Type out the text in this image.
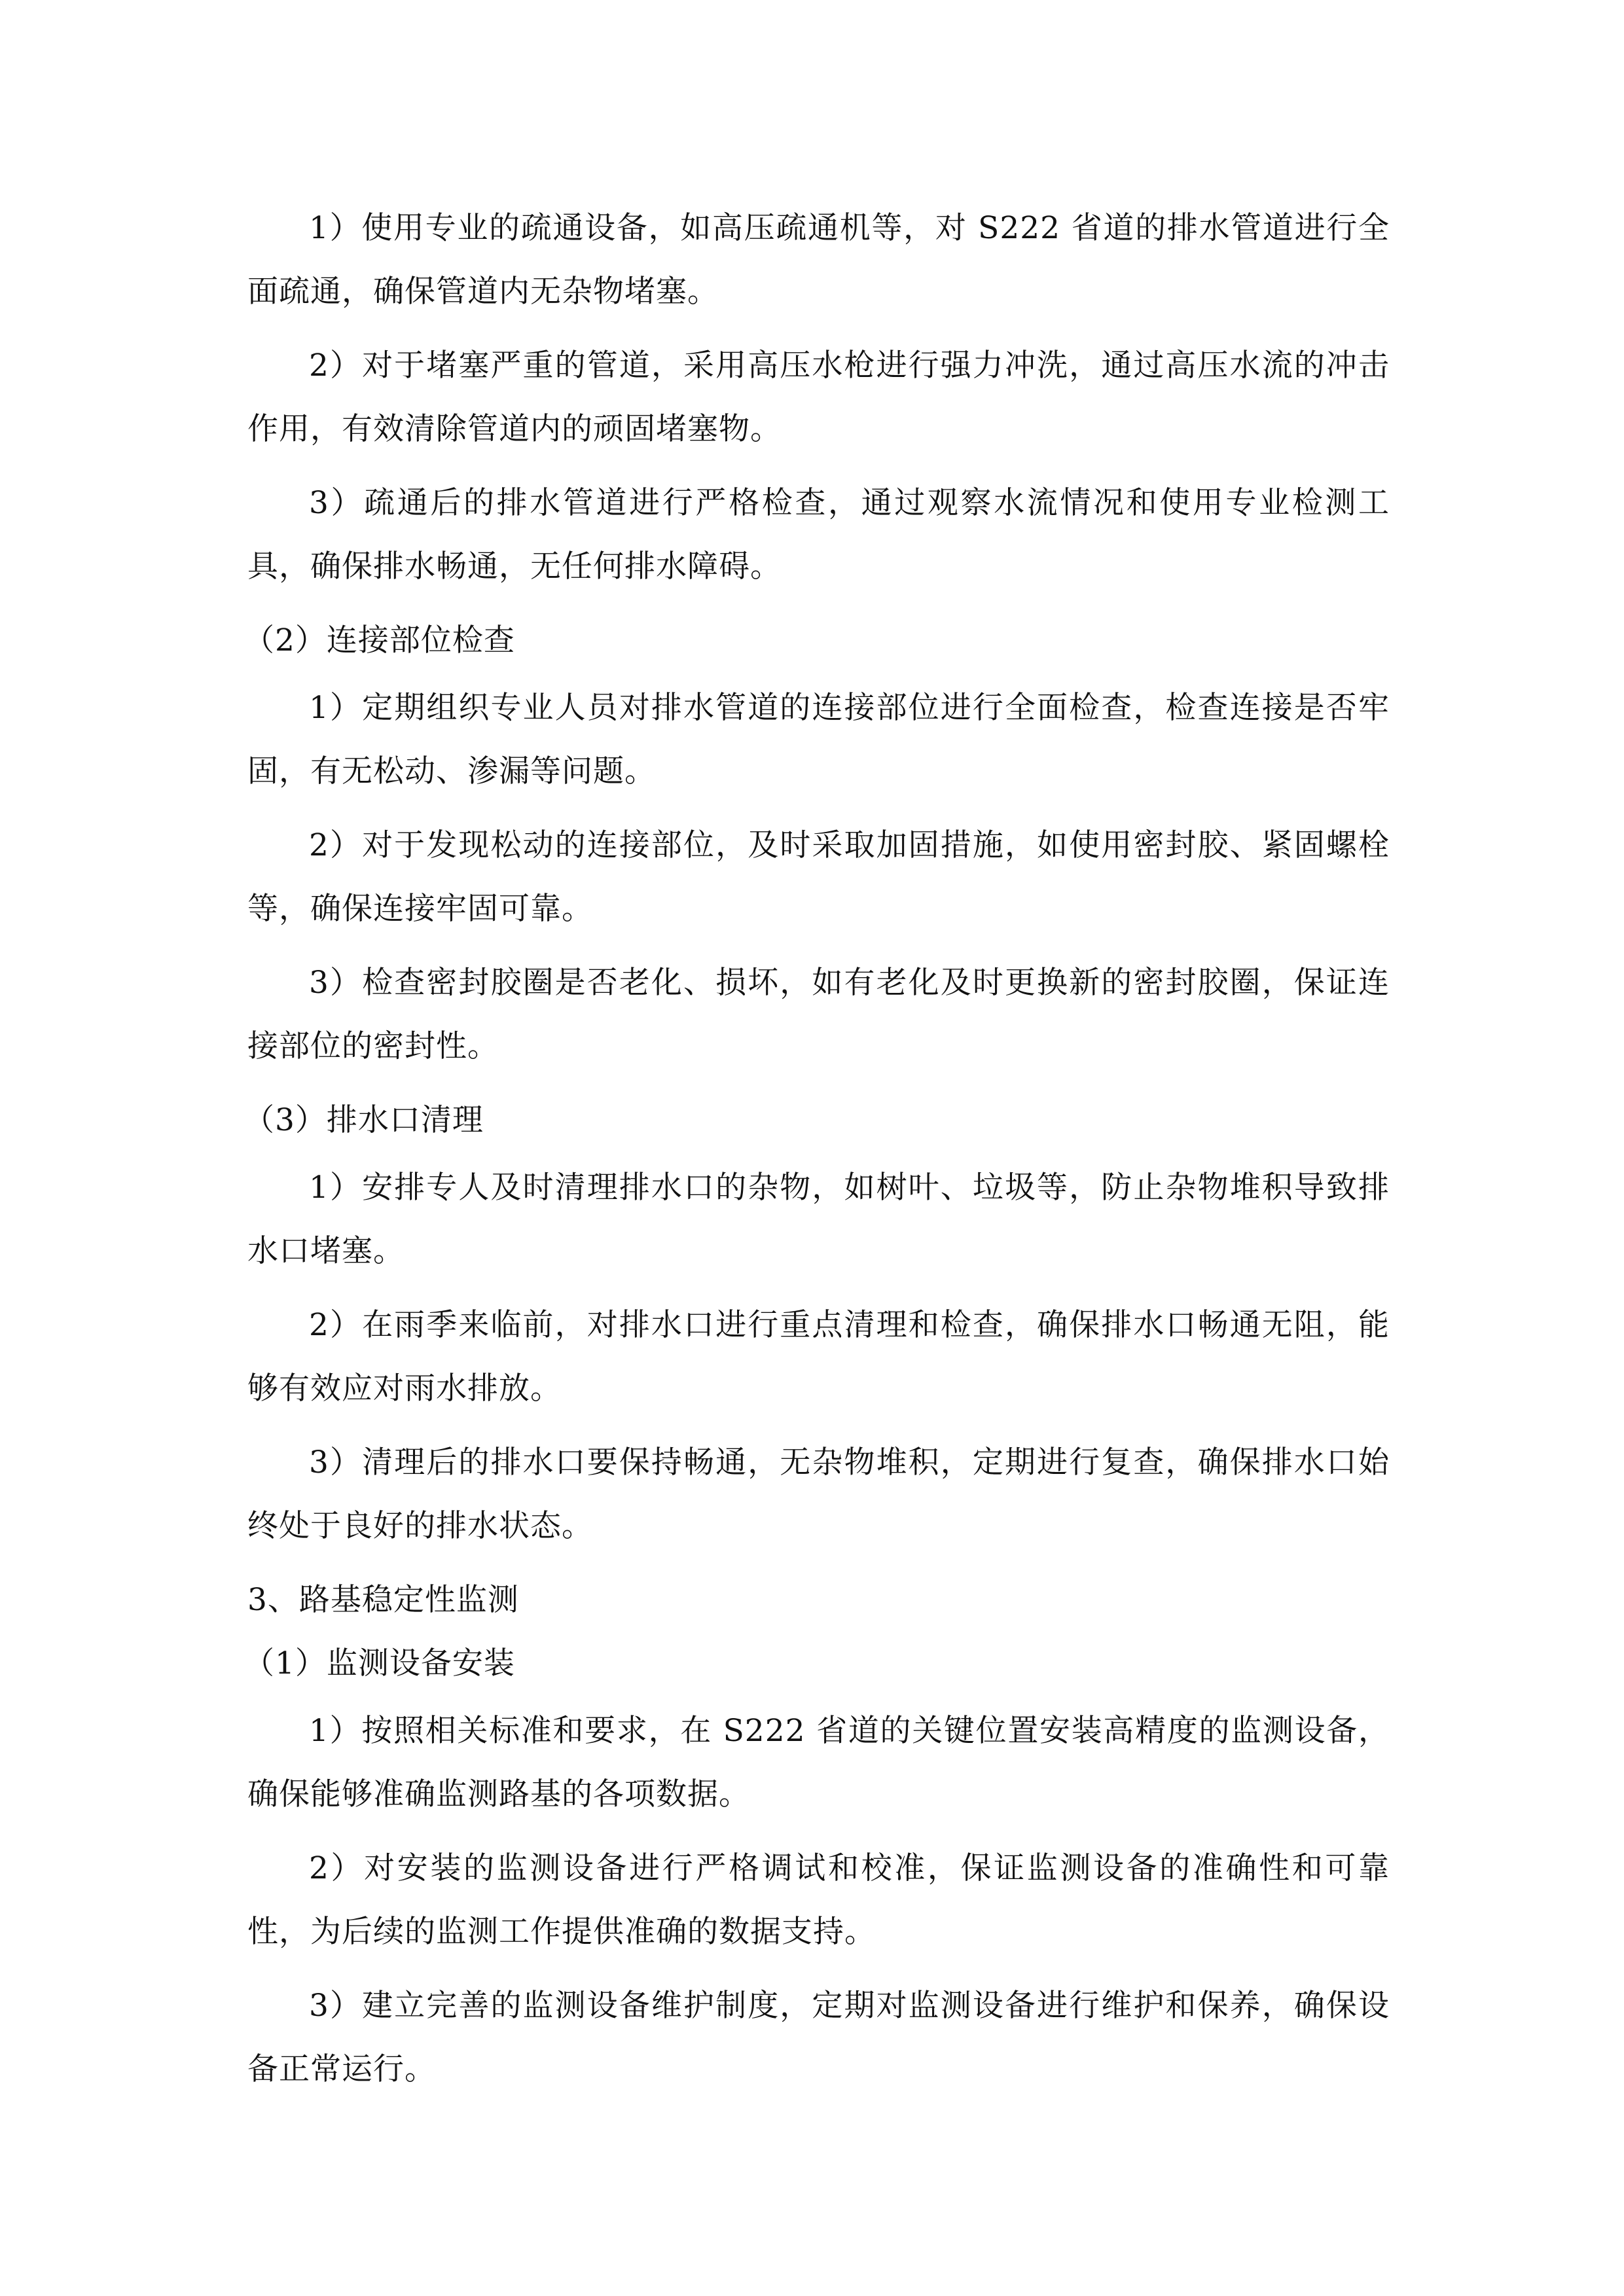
1）使用专业的疏通设备，如高压疏通机等，对 S222 省道的排水管道进行全面疏通，确保管道内无杂物堵塞。

2）对于堵塞严重的管道，采用高压水枪进行强力冲洗，通过高压水流的冲击作用，有效清除管道内的顽固堵塞物。

3）疏通后的排水管道进行严格检查，通过观察水流情况和使用专业检测工具，确保排水畅通，无任何排水障碍。

（2）连接部位检查

1）定期组织专业人员对排水管道的连接部位进行全面检查，检查连接是否牢固，有无松动、渗漏等问题。

2）对于发现松动的连接部位，及时采取加固措施，如使用密封胶、紧固螺栓等，确保连接牢固可靠。

3）检查密封胶圈是否老化、损坏，如有老化及时更换新的密封胶圈，保证连接部位的密封性。

（3）排水口清理

1）安排专人及时清理排水口的杂物，如树叶、垃圾等，防止杂物堆积导致排水口堵塞。

2）在雨季来临前，对排水口进行重点清理和检查，确保排水口畅通无阻，能够有效应对雨水排放。

3）清理后的排水口要保持畅通，无杂物堆积，定期进行复查，确保排水口始终处于良好的排水状态。

3、路基稳定性监测

（1）监测设备安装

1）按照相关标准和要求，在 S222 省道的关键位置安装高精度的监测设备，确保能够准确监测路基的各项数据。

2）对安装的监测设备进行严格调试和校准，保证监测设备的准确性和可靠性，为后续的监测工作提供准确的数据支持。

3）建立完善的监测设备维护制度，定期对监测设备进行维护和保养，确保设备正常运行。
